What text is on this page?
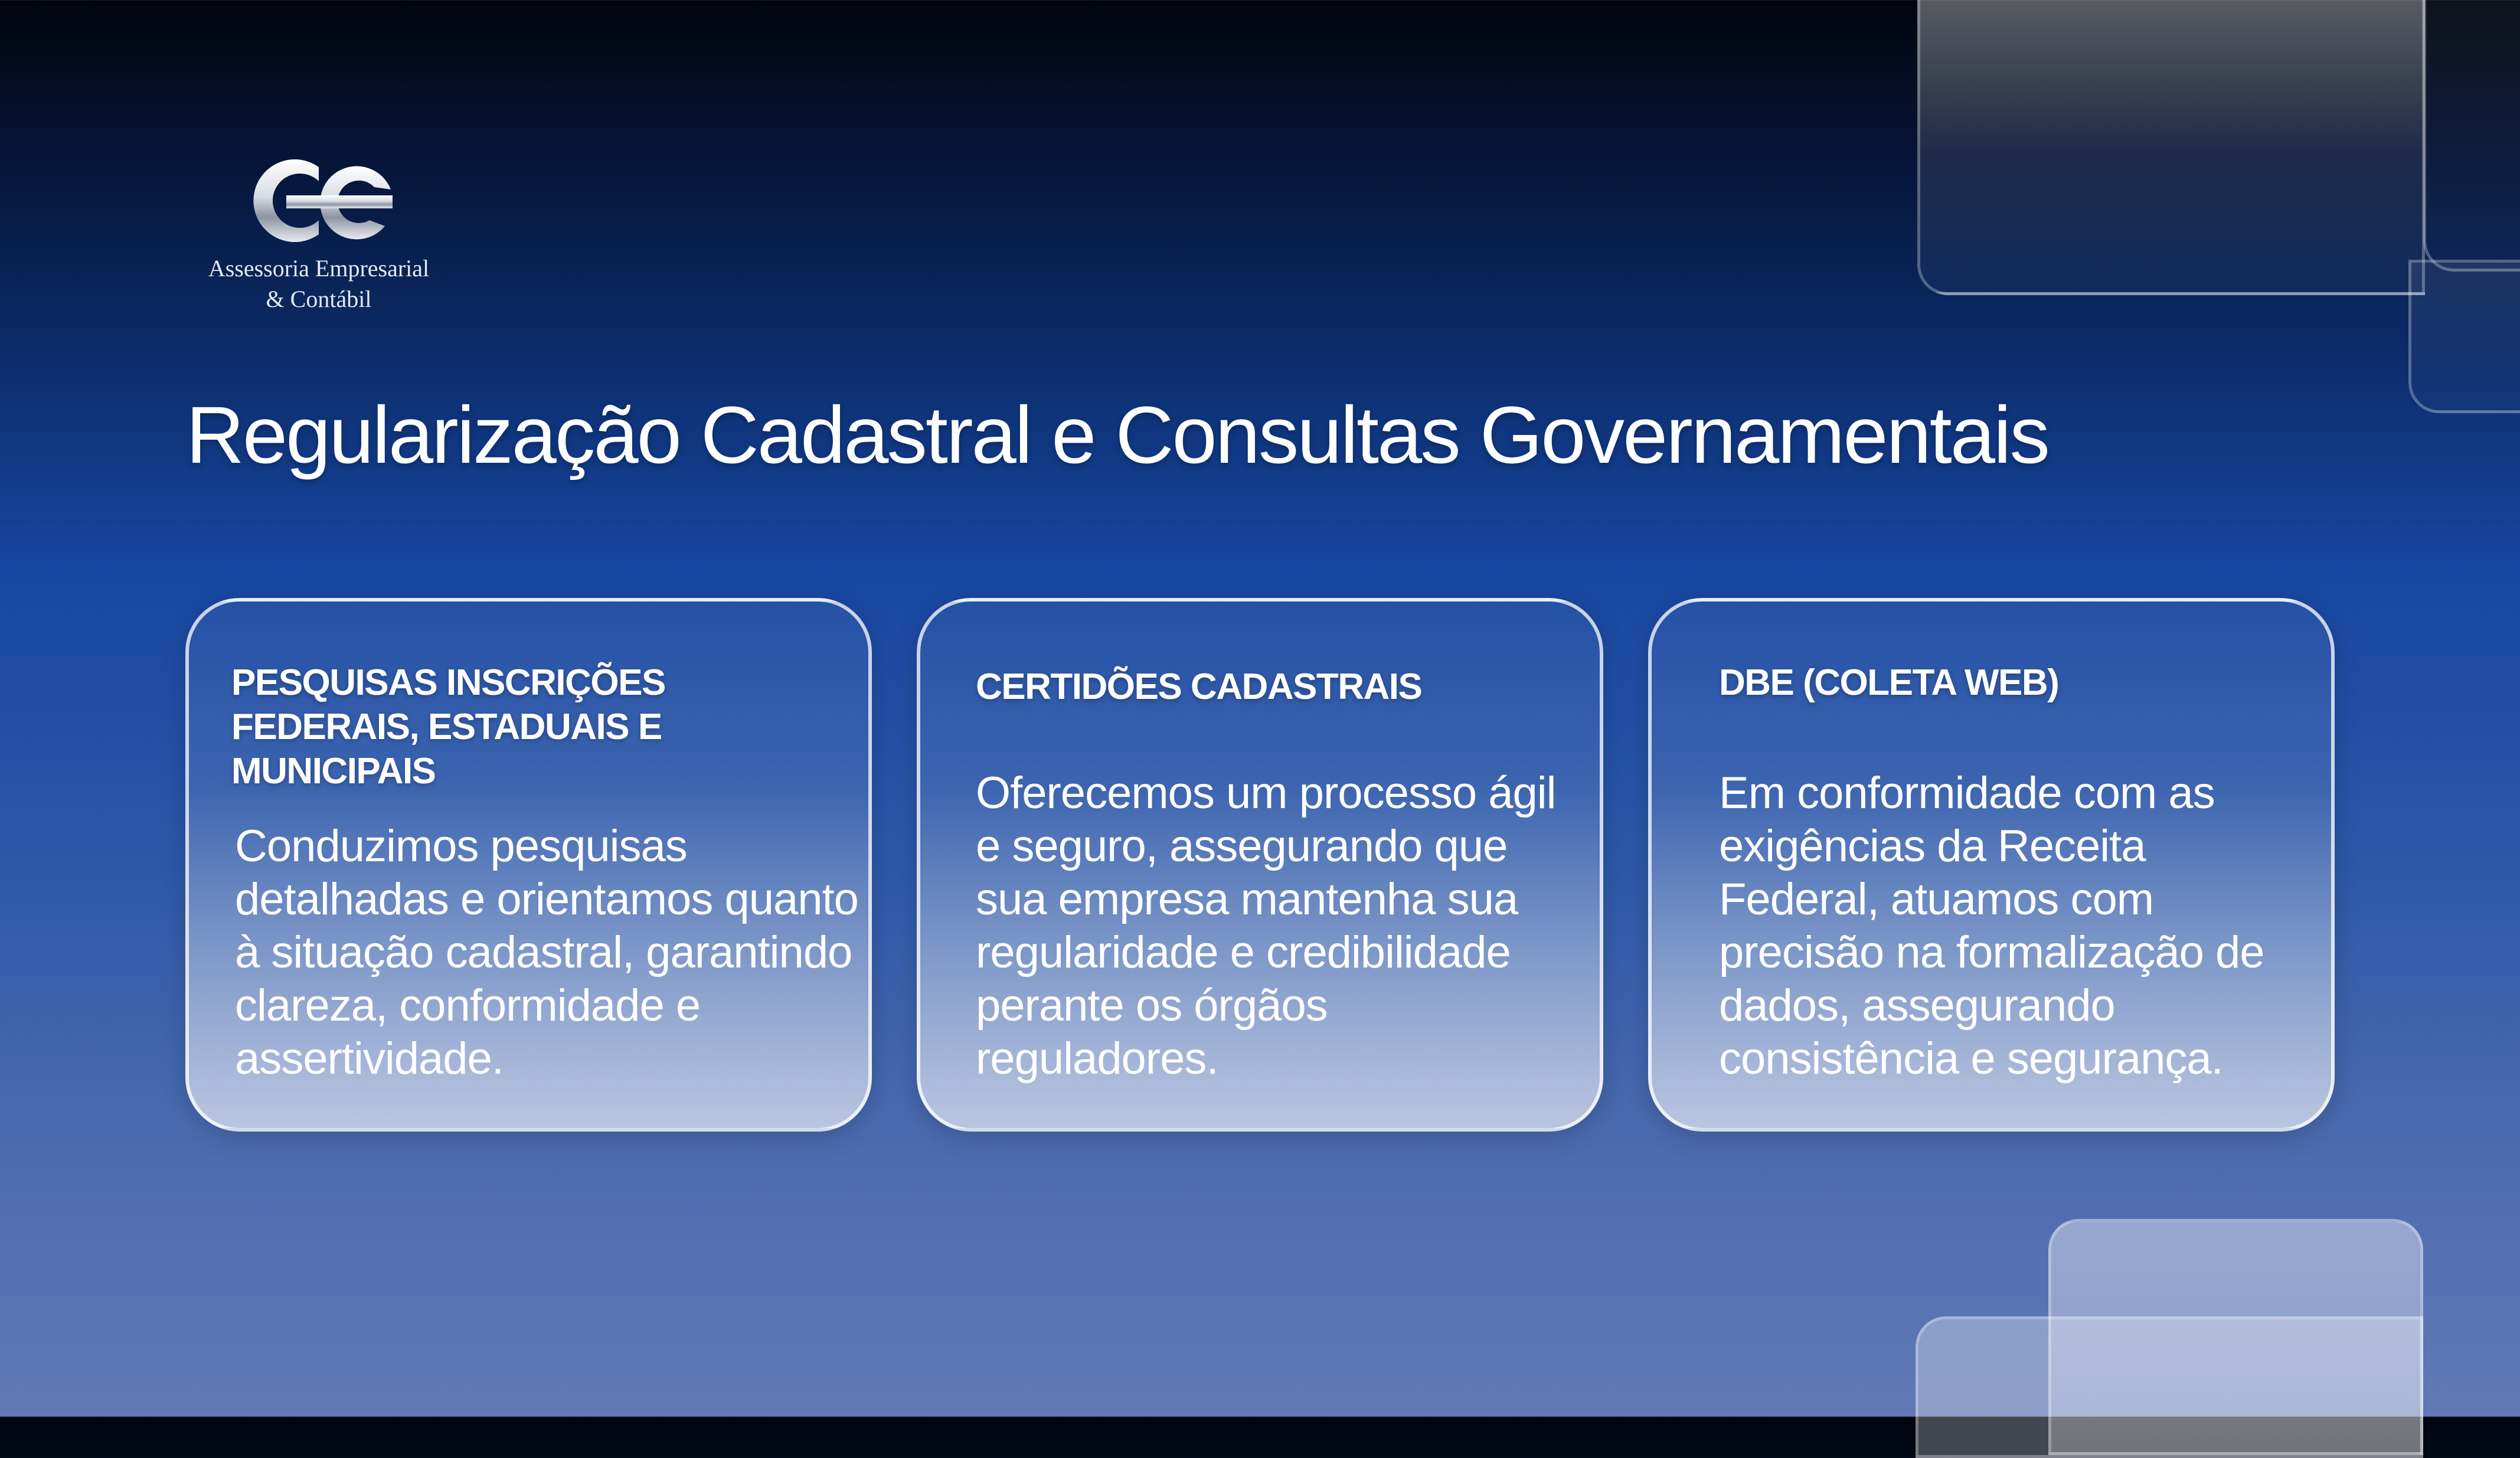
Assessoria Empresarial
& Contábil
Regularização Cadastral e Consultas Governamentais
PESQUISAS INSCRIÇÕES FEDERAIS, ESTADUAIS E MUNICIPAIS

Conduzimos pesquisas detalhadas e orientamos quanto à situação cadastral, garantindo clareza, conformidade e assertividade.

CERTIDÕES CADASTRAIS

Oferecemos um processo ágil e seguro, assegurando que sua empresa mantenha sua regularidade e credibilidade perante os órgãos reguladores.

DBE (COLETA WEB)

Em conformidade com as exigências da Receita Federal, atuamos com precisão na formalização de dados, assegurando consistência e segurança.
